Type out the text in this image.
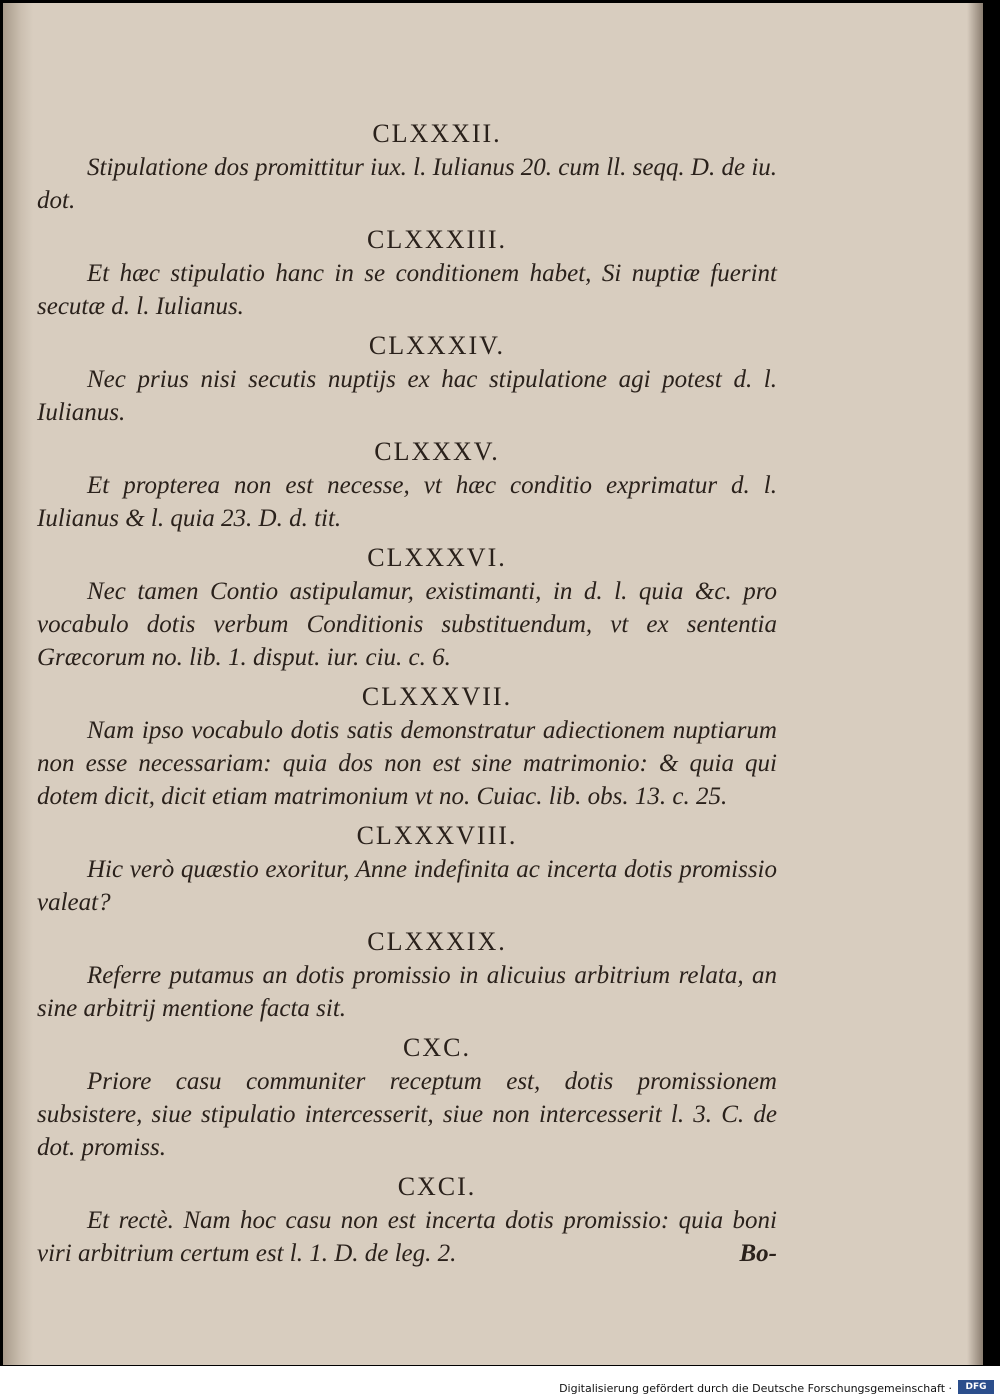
CLXXXII.

Stipulatione dos promittitur iux. l. Iulianus 20. cum ll. seqq. D. de iu. dot.

CLXXXIII.

Et hæc stipulatio hanc in se conditionem habet, Si nuptiæ fuerint secutæ d. l. Iulianus.

CLXXXIV.

Nec prius nisi secutis nuptijs ex hac stipulatione agi potest d. l. Iulianus.

CLXXXV.

Et propterea non est necesse, vt hæc conditio exprimatur d. l. Iulianus & l. quia 23. D. d. tit.

CLXXXVI.

Nec tamen Contio astipulamur, existimanti, in d. l. quia &c. pro vocabulo dotis verbum Conditionis substituendum, vt ex sententia Græcorum no. lib. 1. disput. iur. ciu. c. 6.

CLXXXVII.

Nam ipso vocabulo dotis satis demonstratur adiectionem nuptiarum non esse necessariam: quia dos non est sine matrimonio: & quia qui dotem dicit, dicit etiam matrimonium vt no. Cuiac. lib. obs. 13. c. 25.

CLXXXVIII.

Hic verò quæstio exoritur, Anne indefinita ac incerta dotis promissio valeat?

CLXXXIX.

Referre putamus an dotis promissio in alicuius arbitrium relata, an sine arbitrij mentione facta sit.

CXC.

Priore casu communiter receptum est, dotis promissionem subsistere, siue stipulatio intercesserit, siue non intercesserit l. 3. C. de dot. promiss.

CXCI.

Et rectè. Nam hoc casu non est incerta dotis promissio: quia boni viri arbitrium certum est l. 1. D. de leg. 2.	Bo-

Digitalisierung gefördert durch die Deutsche Forschungsgemeinschaft ·	DFG
